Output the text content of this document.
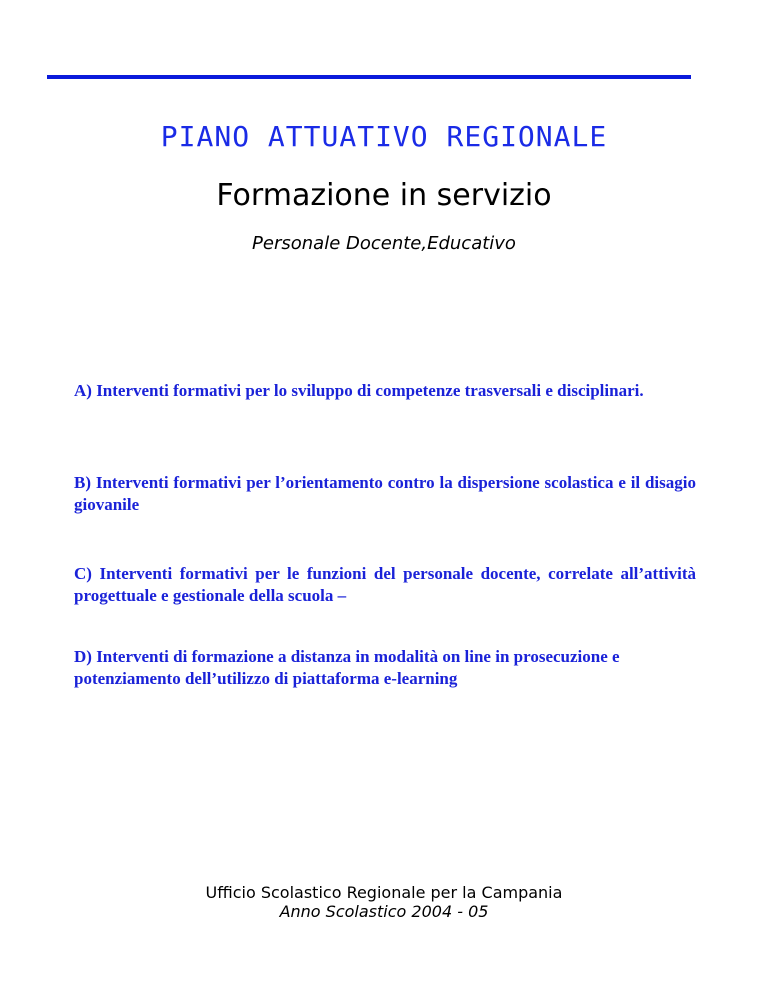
PIANO ATTUATIVO REGIONALE
Formazione in servizio
Personale Docente,Educativo

A) Interventi formativi per lo sviluppo di competenze trasversali e disciplinari.

B) Interventi formativi per l’orientamento contro la dispersione scolastica e il disagio giovanile

C) Interventi formativi per le funzioni del personale docente, correlate all’attività progettuale e gestionale della scuola –

D) Interventi di formazione a distanza in modalità on line in prosecuzione e potenziamento dell’utilizzo di piattaforma e-learning

Ufficio Scolastico Regionale per la Campania
Anno Scolastico 2004 - 05
